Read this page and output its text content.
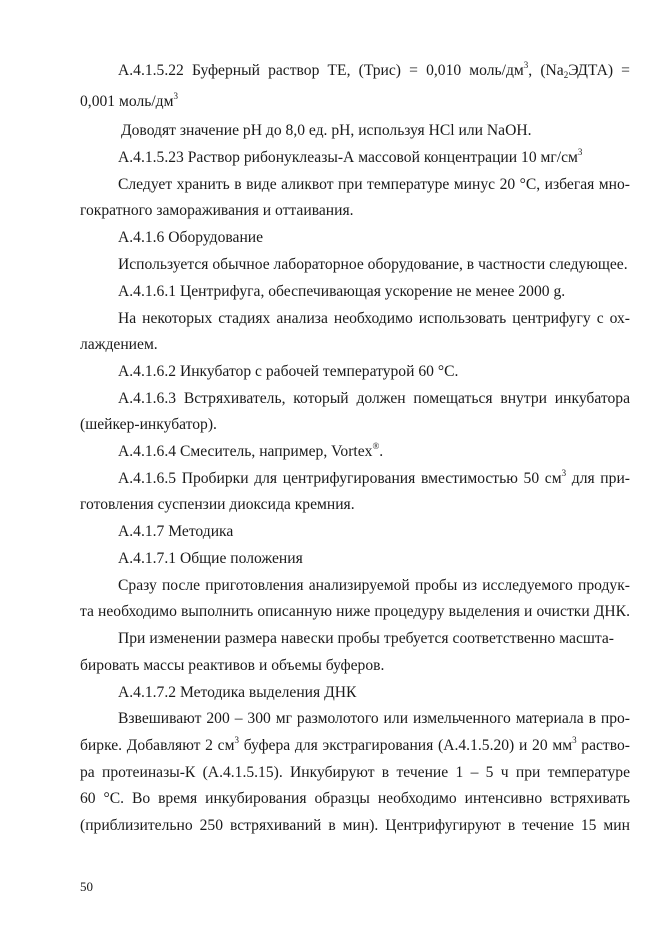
А.4.1.5.22 Буферный раствор ТЕ, (Трис) = 0,010 моль/$дм^3$, $(Na_2ЭДТА)$ =
0,001 моль/$дм^3$
Доводят значение pH до 8,0 ед. pH, используя HCl или NaOH.
А.4.1.5.23 Раствор рибонуклеазы-А массовой концентрации 10 $мг/см^3$
Следует хранить в виде аликвот при температуре минус 20 °С, избегая мно-
гократного замораживания и оттаивания.
А.4.1.6 Оборудование
Используется обычное лабораторное оборудование, в частности следующее.
А.4.1.6.1 Центрифуга, обеспечивающая ускорение не менее 2000 g.
На некоторых стадиях анализа необходимо использовать центрифугу с ох-
лаждением.
А.4.1.6.2 Инкубатор с рабочей температурой 60 °С.
А.4.1.6.3 Встряхиватель, который должен помещаться внутри инкубатора
(шейкер-инкубатор).
А.4.1.6.4 Смеситель, например, Vortex®.
А.4.1.6.5 Пробирки для центрифугирования вместимостью 50 $см^3$ для при-
готовления суспензии диоксида кремния.
А.4.1.7 Методика
А.4.1.7.1 Общие положения
Сразу после приготовления анализируемой пробы из исследуемого продук-
та необходимо выполнить описанную ниже процедуру выделения и очистки ДНК.
При изменении размера навески пробы требуется соответственно масшта-
бировать массы реактивов и объемы буферов.
А.4.1.7.2 Методика выделения ДНК
Взвешивают 200 – 300 мг размолотого или измельченного материала в про-
бирке. Добавляют 2 $см^3$ буфера для экстрагирования (А.4.1.5.20) и 20 $мм^3$ раство-
ра протеиназы-К (А.4.1.5.15). Инкубируют в течение 1 – 5 ч при температуре
60 °С. Во время инкубирования образцы необходимо интенсивно встряхивать
(приблизительно 250 встряхиваний в мин). Центрифугируют в течение 15 мин
50
